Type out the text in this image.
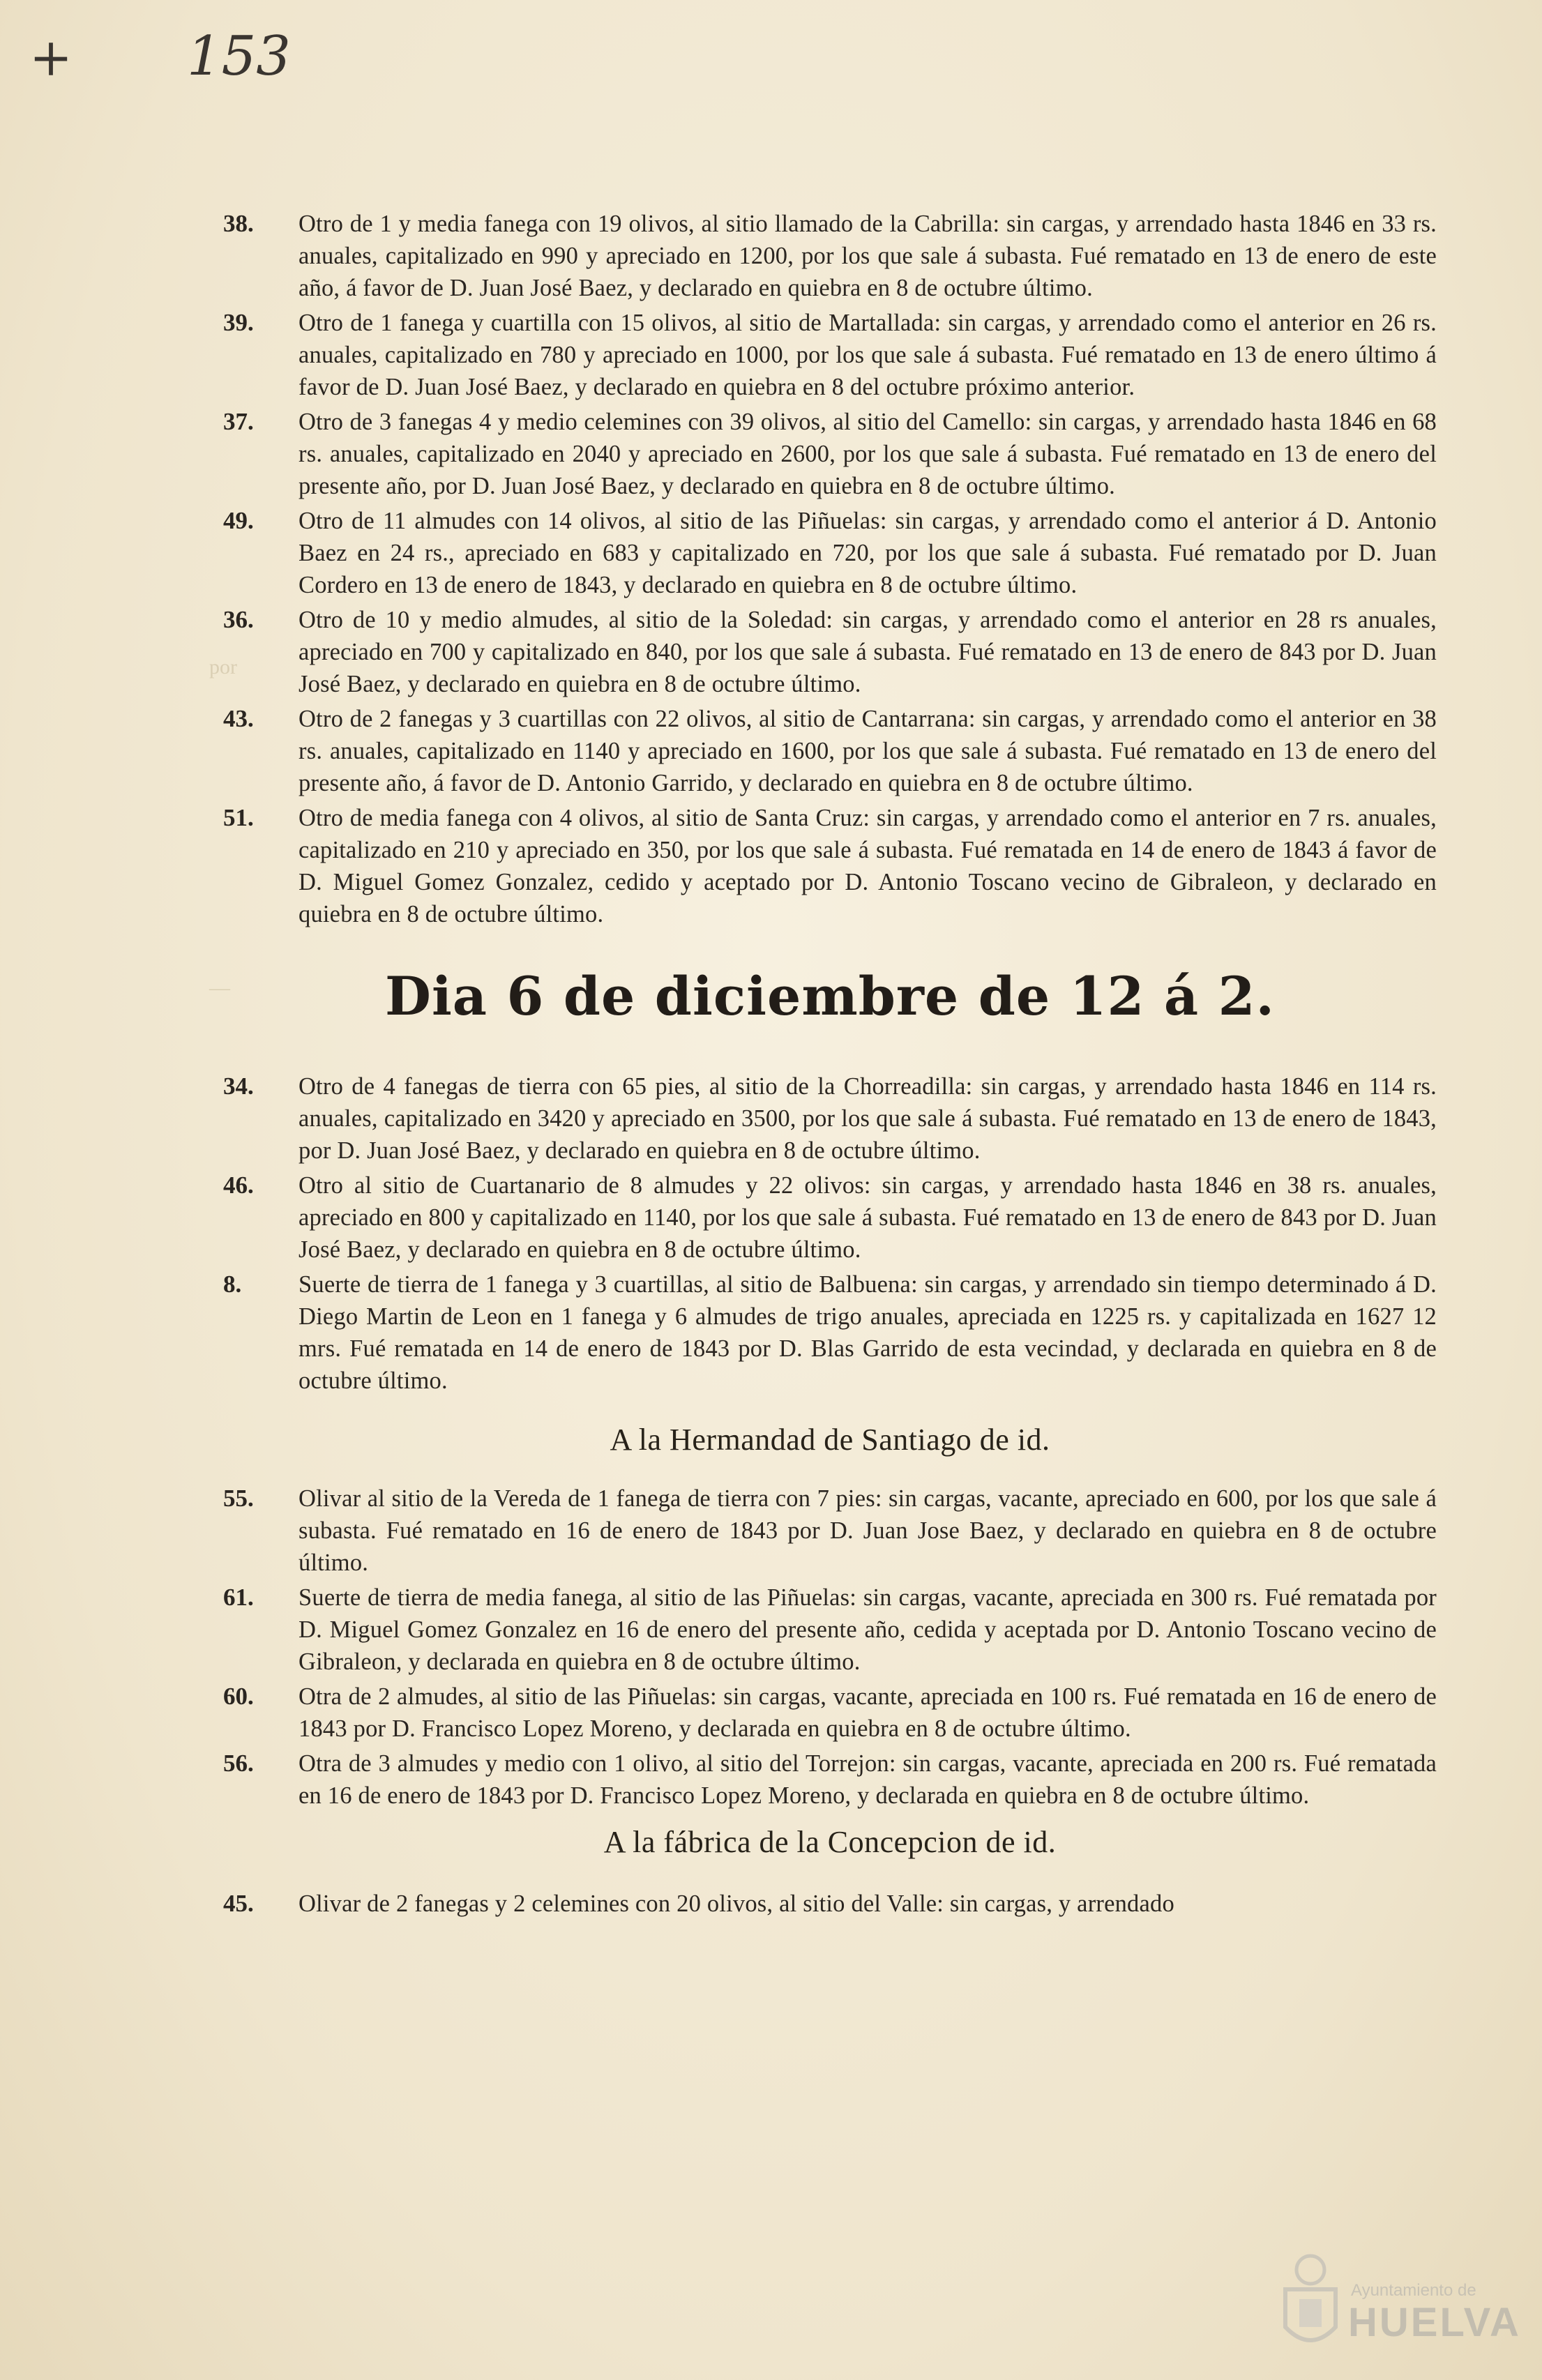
+ 153
por
—
38.	Otro de 1 y media fanega con 19 olivos, al sitio llamado de la Cabrilla: sin cargas, y arrendado hasta 1846 en 33 rs. anuales, capitalizado en 990 y apreciado en 1200, por los que sale á subasta. Fué rematado en 13 de enero de este año, á favor de D. Juan José Baez, y declarado en quiebra en 8 de octubre último.
39.	Otro de 1 fanega y cuartilla con 15 olivos, al sitio de Martallada: sin cargas, y arrendado como el anterior en 26 rs. anuales, capitalizado en 780 y apreciado en 1000, por los que sale á subasta. Fué rematado en 13 de enero último á favor de D. Juan José Baez, y declarado en quiebra en 8 del octubre próximo anterior.
37.	Otro de 3 fanegas 4 y medio celemines con 39 olivos, al sitio del Camello: sin cargas, y arrendado hasta 1846 en 68 rs. anuales, capitalizado en 2040 y apreciado en 2600, por los que sale á subasta. Fué rematado en 13 de enero del presente año, por D. Juan José Baez, y declarado en quiebra en 8 de octubre último.
49.	Otro de 11 almudes con 14 olivos, al sitio de las Piñuelas: sin cargas, y arrendado como el anterior á D. Antonio Baez en 24 rs., apreciado en 683 y capitalizado en 720, por los que sale á subasta. Fué rematado por D. Juan Cordero en 13 de enero de 1843, y declarado en quiebra en 8 de octubre último.
36.	Otro de 10 y medio almudes, al sitio de la Soledad: sin cargas, y arrendado como el anterior en 28 rs anuales, apreciado en 700 y capitalizado en 840, por los que sale á subasta. Fué rematado en 13 de enero de 843 por D. Juan José Baez, y declarado en quiebra en 8 de octubre último.
43.	Otro de 2 fanegas y 3 cuartillas con 22 olivos, al sitio de Cantarrana: sin cargas, y arrendado como el anterior en 38 rs. anuales, capitalizado en 1140 y apreciado en 1600, por los que sale á subasta. Fué rematado en 13 de enero del presente año, á favor de D. Antonio Garrido, y declarado en quiebra en 8 de octubre último.
51.	Otro de media fanega con 4 olivos, al sitio de Santa Cruz: sin cargas, y arrendado como el anterior en 7 rs. anuales, capitalizado en 210 y apreciado en 350, por los que sale á subasta. Fué rematada en 14 de enero de 1843 á favor de D. Miguel Gomez Gonzalez, cedido y aceptado por D. Antonio Toscano vecino de Gibraleon, y declarado en quiebra en 8 de octubre último.
Dia 6 de diciembre de 12 á 2.
34.	Otro de 4 fanegas de tierra con 65 pies, al sitio de la Chorreadilla: sin cargas, y arrendado hasta 1846 en 114 rs. anuales, capitalizado en 3420 y apreciado en 3500, por los que sale á subasta. Fué rematado en 13 de enero de 1843, por D. Juan José Baez, y declarado en quiebra en 8 de octubre último.
46.	Otro al sitio de Cuartanario de 8 almudes y 22 olivos: sin cargas, y arrendado hasta 1846 en 38 rs. anuales, apreciado en 800 y capitalizado en 1140, por los que sale á subasta. Fué rematado en 13 de enero de 843 por D. Juan José Baez, y declarado en quiebra en 8 de octubre último.
8.	Suerte de tierra de 1 fanega y 3 cuartillas, al sitio de Balbuena: sin cargas, y arrendado sin tiempo determinado á D. Diego Martin de Leon en 1 fanega y 6 almudes de trigo anuales, apreciada en 1225 rs. y capitalizada en 1627 12 mrs. Fué rematada en 14 de enero de 1843 por D. Blas Garrido de esta vecindad, y declarada en quiebra en 8 de octubre último.
A la Hermandad de Santiago de id.
55.	Olivar al sitio de la Vereda de 1 fanega de tierra con 7 pies: sin cargas, vacante, apreciado en 600, por los que sale á subasta. Fué rematado en 16 de enero de 1843 por D. Juan Jose Baez, y declarado en quiebra en 8 de octubre último.
61.	Suerte de tierra de media fanega, al sitio de las Piñuelas: sin cargas, vacante, apreciada en 300 rs. Fué rematada por D. Miguel Gomez Gonzalez en 16 de enero del presente año, cedida y aceptada por D. Antonio Toscano vecino de Gibraleon, y declarada en quiebra en 8 de octubre último.
60.	Otra de 2 almudes, al sitio de las Piñuelas: sin cargas, vacante, apreciada en 100 rs. Fué rematada en 16 de enero de 1843 por D. Francisco Lopez Moreno, y declarada en quiebra en 8 de octubre último.
56.	Otra de 3 almudes y medio con 1 olivo, al sitio del Torrejon: sin cargas, vacante, apreciada en 200 rs. Fué rematada en 16 de enero de 1843 por D. Francisco Lopez Moreno, y declarada en quiebra en 8 de octubre último.
A la fábrica de la Concepcion de id.
45.	Olivar de 2 fanegas y 2 celemines con 20 olivos, al sitio del Valle: sin cargas, y arrendado
Ayuntamiento de
HUELVA
